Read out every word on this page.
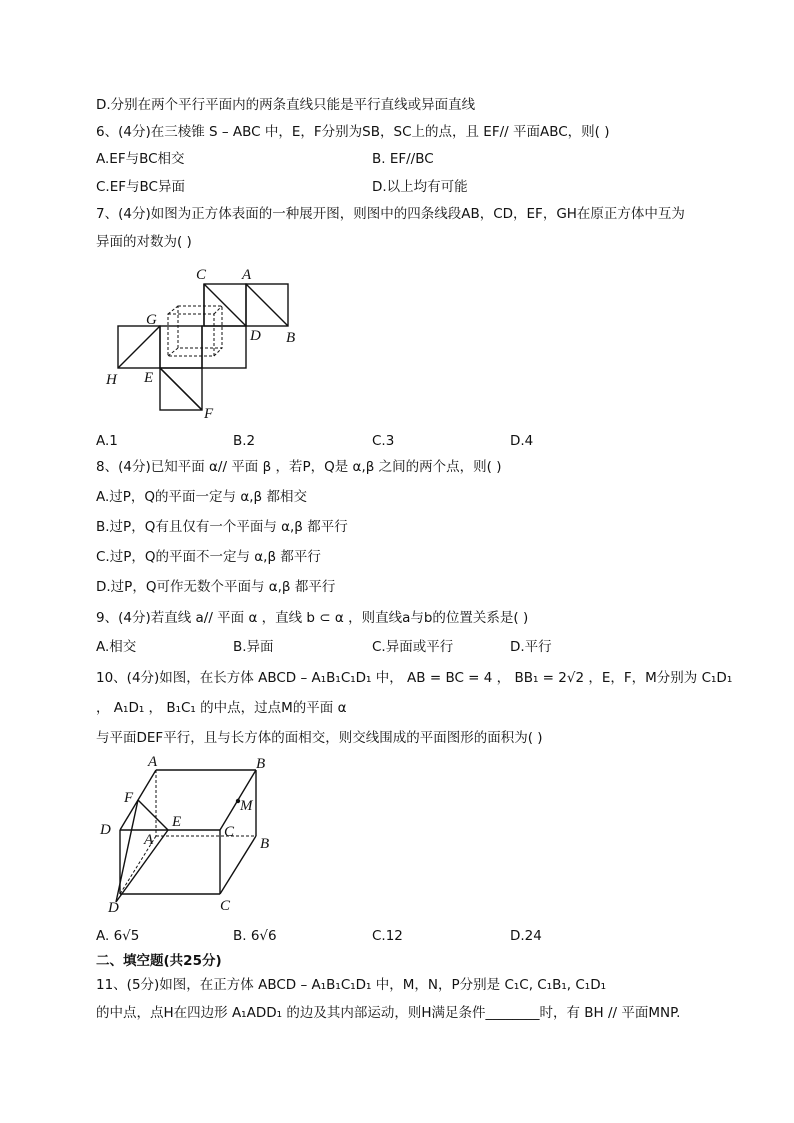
D.分别在两个平行平面内的两条直线只能是平行直线或异面直线
6、(4分)在三棱锥 S – ABC 中，E，F分别为SB，SC上的点，且 EF// 平面ABC，则( )
A.EF与BC相交	B. EF//BC
C.EF与BC异面	D.以上均有可能
7、(4分)如图为正方体表面的一种展开图，则图中的四条线段AB，CD，EF，GH在原正方体中互为
异面的对数为( )
C A
G
D B
H E
F
A.1	B.2	C.3	D.4
8、(4分)已知平面 α// 平面 β ，若P，Q是 α,β 之间的两个点，则( )
A.过P，Q的平面一定与 α,β 都相交
B.过P，Q有且仅有一个平面与 α,β 都平行
C.过P，Q的平面不一定与 α,β 都平行
D.过P，Q可作无数个平面与 α,β 都平行
9、(4分)若直线 a// 平面 α ，直线 b ⊂ α ，则直线a与b的位置关系是( )
A.相交	B.异面	C.异面或平行	D.平行
10、(4分)如图，在长方体 ABCD – A₁B₁C₁D₁ 中， AB = BC = 4 ， BB₁ = 2√2 ，E，F，M分别为 C₁D₁
， A₁D₁ ， B₁C₁ 的中点，过点M的平面 α
与平面DEF平行，且与长方体的面相交，则交线围成的平面图形的面积为( )
A	B
F	M
E
D
A	C
B
D	C
A. 6√5	B. 6√6	C.12	D.24
二、填空题(共25分)
11、(5分)如图，在正方体 ABCD – A₁B₁C₁D₁ 中，M，N，P分别是 C₁C, C₁B₁, C₁D₁
的中点，点H在四边形 A₁ADD₁ 的边及其内部运动，则H满足条件________时，有 BH // 平面MNP.
